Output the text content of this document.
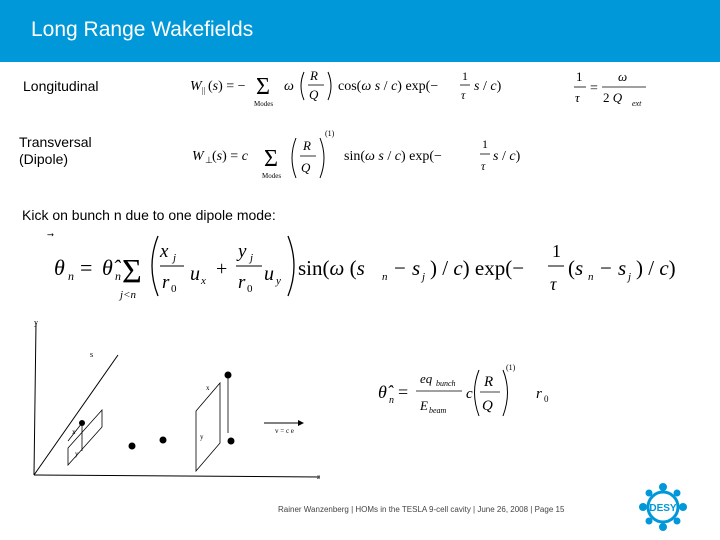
Long Range Wakefields
Longitudinal
Transversal
(Dipole)
Kick on bunch n due to one dipole mode:
W || (s) = − Σ
Modes
ω
R
Q
cos(ω s / c) exp(−
1
τ
s / c)
1
τ
=
ω
2 Q ext
W ⊥ (s) = c Σ
Modes
R
Q
(1)
sin(ω s / c) exp(−
1
τ
s / c)
θ n = θ̂ n Σ
j<n
x j
r 0
u x
+
y j
r 0
u y
sin(ω (s n − s j ) / c) exp(−
1
τ
(s n − s j ) / c)
y
s
z
x
y
x
y
v = c e
θ̂ n =
eq bunch
E beam
c
R
Q
(1)
r 0
Rainer Wanzenberg | HOMs in the TESLA 9-cell cavity | June 26, 2008 | Page 15	DESY
